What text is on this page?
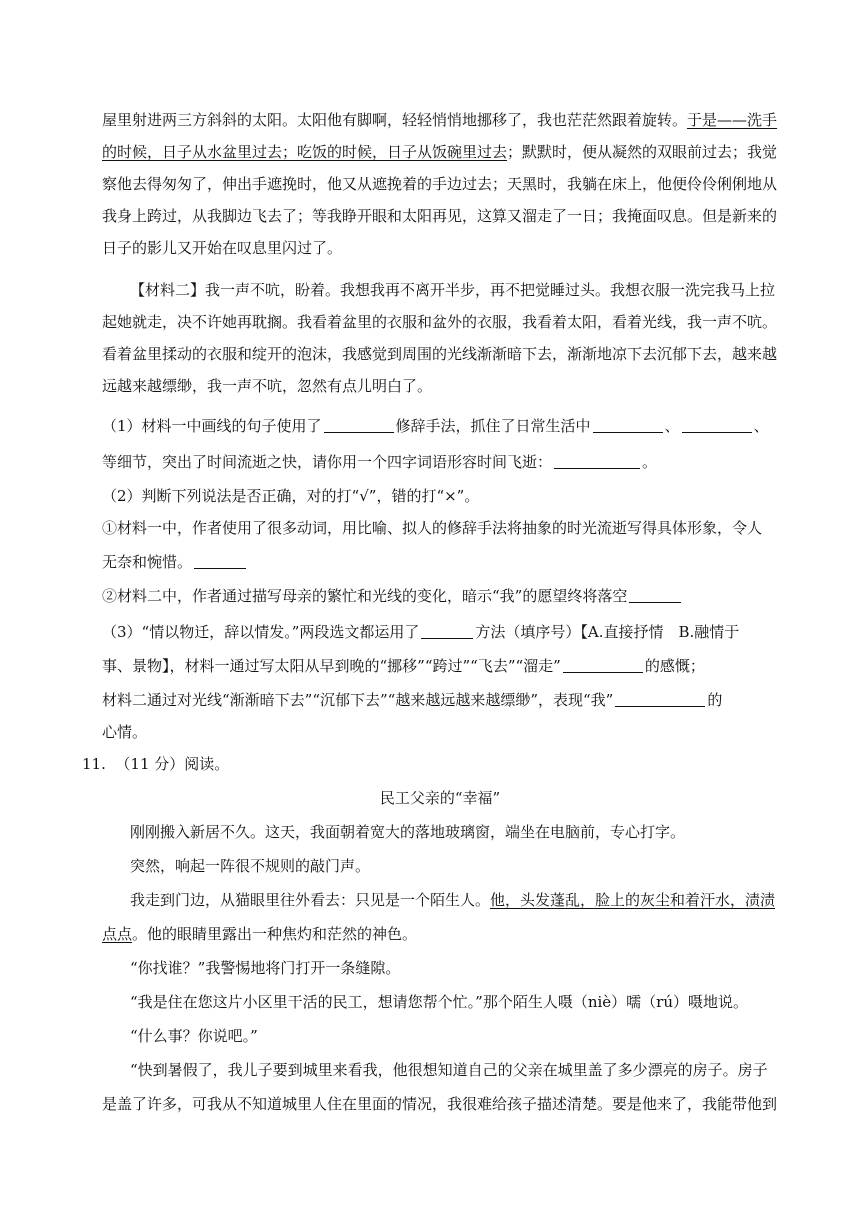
屋里射进两三方斜斜的太阳。太阳他有脚啊，轻轻悄悄地挪移了，我也茫茫然跟着旋转。于是——洗手
的时候，日子从水盆里过去；吃饭的时候，日子从饭碗里过去；默默时，便从凝然的双眼前过去；我觉
察他去得匆匆了，伸出手遮挽时，他又从遮挽着的手边过去；天黑时，我躺在床上，他便伶伶俐俐地从
我身上跨过，从我脚边飞去了；等我睁开眼和太阳再见，这算又溜走了一日；我掩面叹息。但是新来的
日子的影儿又开始在叹息里闪过了。
【材料二】我一声不吭，盼着。我想我再不离开半步，再不把觉睡过头。我想衣服一洗完我马上拉
起她就走，决不许她再耽搁。我看着盆里的衣服和盆外的衣服，我看着太阳，看着光线，我一声不吭。
看着盆里揉动的衣服和绽开的泡沫，我感觉到周围的光线渐渐暗下去，渐渐地凉下去沉郁下去，越来越
远越来越缥缈，我一声不吭，忽然有点儿明白了。
（1）材料一中画线的句子使用了	修辞手法，抓住了日常生活中	、	、
等细节，突出了时间流逝之快，请你用一个四字词语形容时间飞逝：	。
（2）判断下列说法是否正确，对的打“√”，错的打“×”。
①材料一中，作者使用了很多动词，用比喻、拟人的修辞手法将抽象的时光流逝写得具体形象，令人
无奈和惋惜。
②材料二中，作者通过描写母亲的繁忙和光线的变化，暗示“我”的愿望终将落空
（3）“情以物迁，辞以情发。”两段选文都运用了	方法（填序号）【A.直接抒情　B.融情于
事、景物】，材料一通过写太阳从早到晚的“挪移”“跨过”“飞去”“溜走”	的感慨；
材料二通过对光线“渐渐暗下去”“沉郁下去”“越来越远越来越缥缈”，表现“我”	的
心情。
11. （11 分）阅读。
民工父亲的“幸福”
刚刚搬入新居不久。这天，我面朝着宽大的落地玻璃窗，端坐在电脑前，专心打字。
突然，响起一阵很不规则的敲门声。
我走到门边，从猫眼里往外看去：只见是一个陌生人。他，头发蓬乱，脸上的灰尘和着汗水，渍渍
点点。他的眼睛里露出一种焦灼和茫然的神色。
“你找谁？”我警惕地将门打开一条缝隙。
“我是住在您这片小区里干活的民工，想请您帮个忙。”那个陌生人嗫（niè）嚅（rú）嗫地说。
“什么事？你说吧。”
“快到暑假了，我儿子要到城里来看我，他很想知道自己的父亲在城里盖了多少漂亮的房子。房子
是盖了许多，可我从不知道城里人住在里面的情况，我很难给孩子描述清楚。要是他来了，我能带他到
